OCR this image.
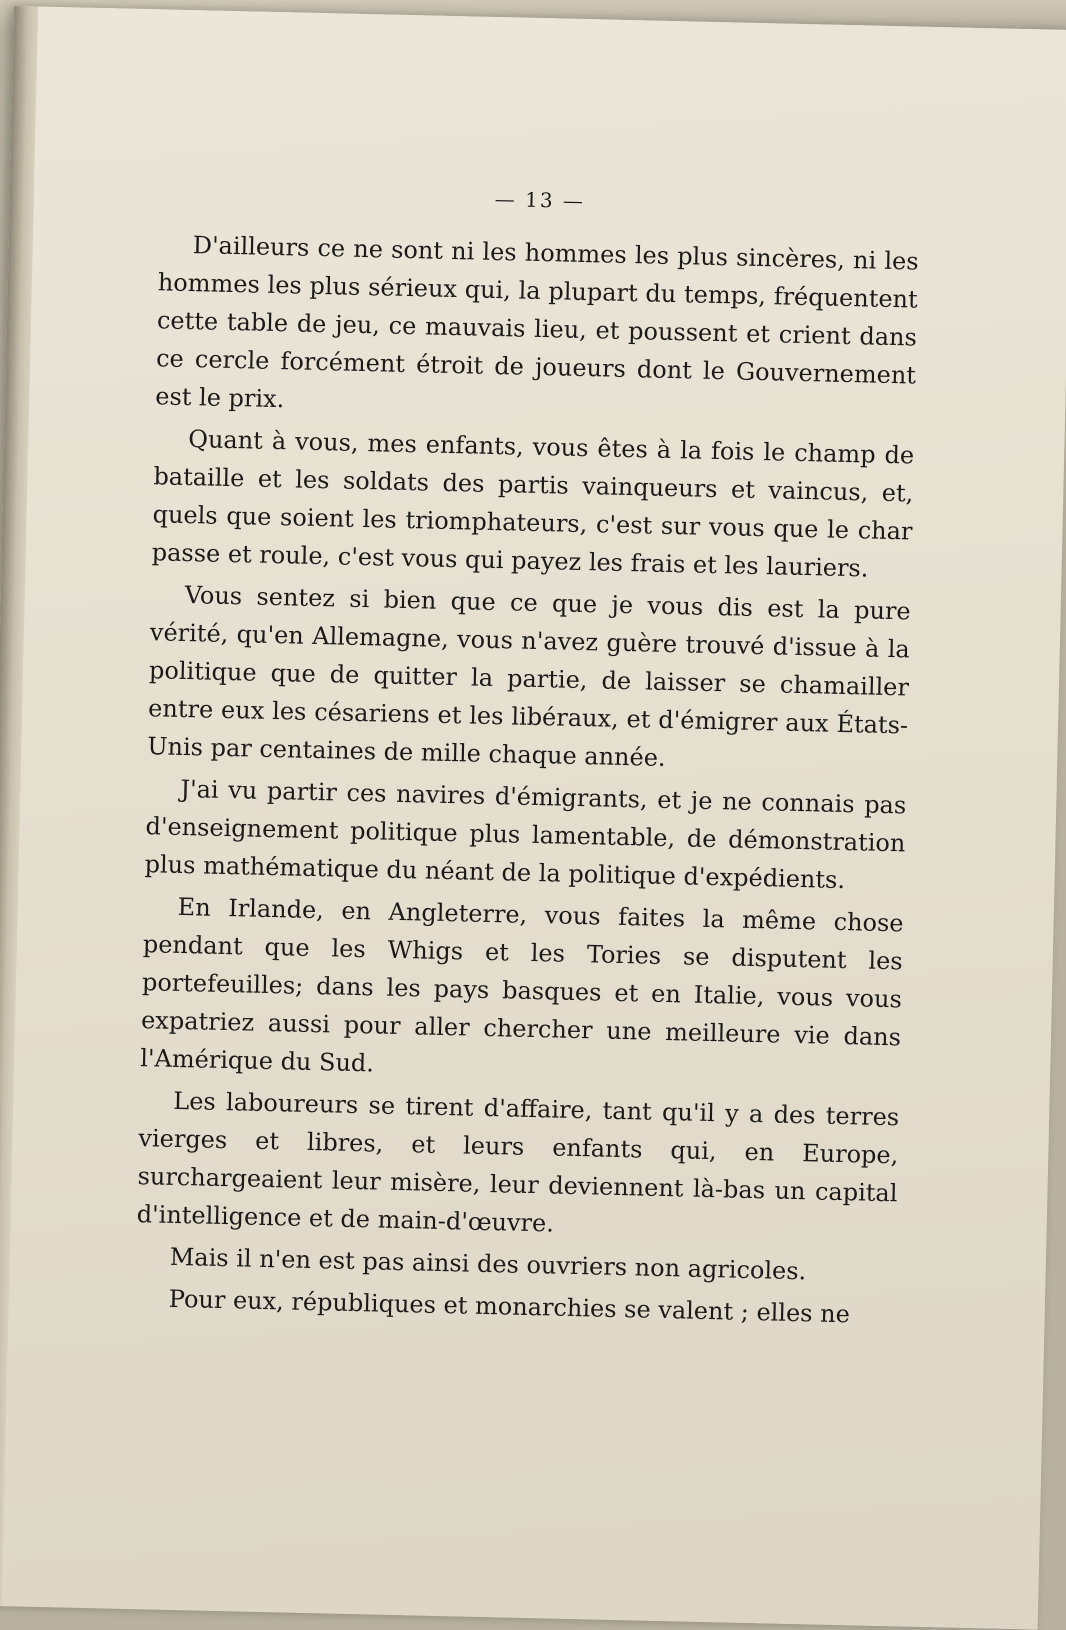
— 13 —

D'ailleurs ce ne sont ni les hommes les plus sincères, ni les hommes les plus sérieux qui, la plupart du temps, fréquentent cette table de jeu, ce mauvais lieu, et poussent et crient dans ce cercle forcément étroit de joueurs dont le Gouvernement est le prix.

Quant à vous, mes enfants, vous êtes à la fois le champ de bataille et les soldats des partis vainqueurs et vaincus, et, quels que soient les triomphateurs, c'est sur vous que le char passe et roule, c'est vous qui payez les frais et les lauriers.

Vous sentez si bien que ce que je vous dis est la pure vérité, qu'en Allemagne, vous n'avez guère trouvé d'issue à la politique que de quitter la partie, de laisser se chamailler entre eux les césariens et les libéraux, et d'émigrer aux États-Unis par centaines de mille chaque année.

J'ai vu partir ces navires d'émigrants, et je ne connais pas d'enseignement politique plus lamentable, de démonstration plus mathématique du néant de la politique d'expédients.

En Irlande, en Angleterre, vous faites la même chose pendant que les Whigs et les Tories se disputent les portefeuilles; dans les pays basques et en Italie, vous vous expatriez aussi pour aller chercher une meilleure vie dans l'Amérique du Sud.

Les laboureurs se tirent d'affaire, tant qu'il y a des terres vierges et libres, et leurs enfants qui, en Europe, surchargeaient leur misère, leur deviennent là-bas un capital d'intelligence et de main-d'œuvre.

Mais il n'en est pas ainsi des ouvriers non agricoles.

Pour eux, républiques et monarchies se valent ; elles ne
